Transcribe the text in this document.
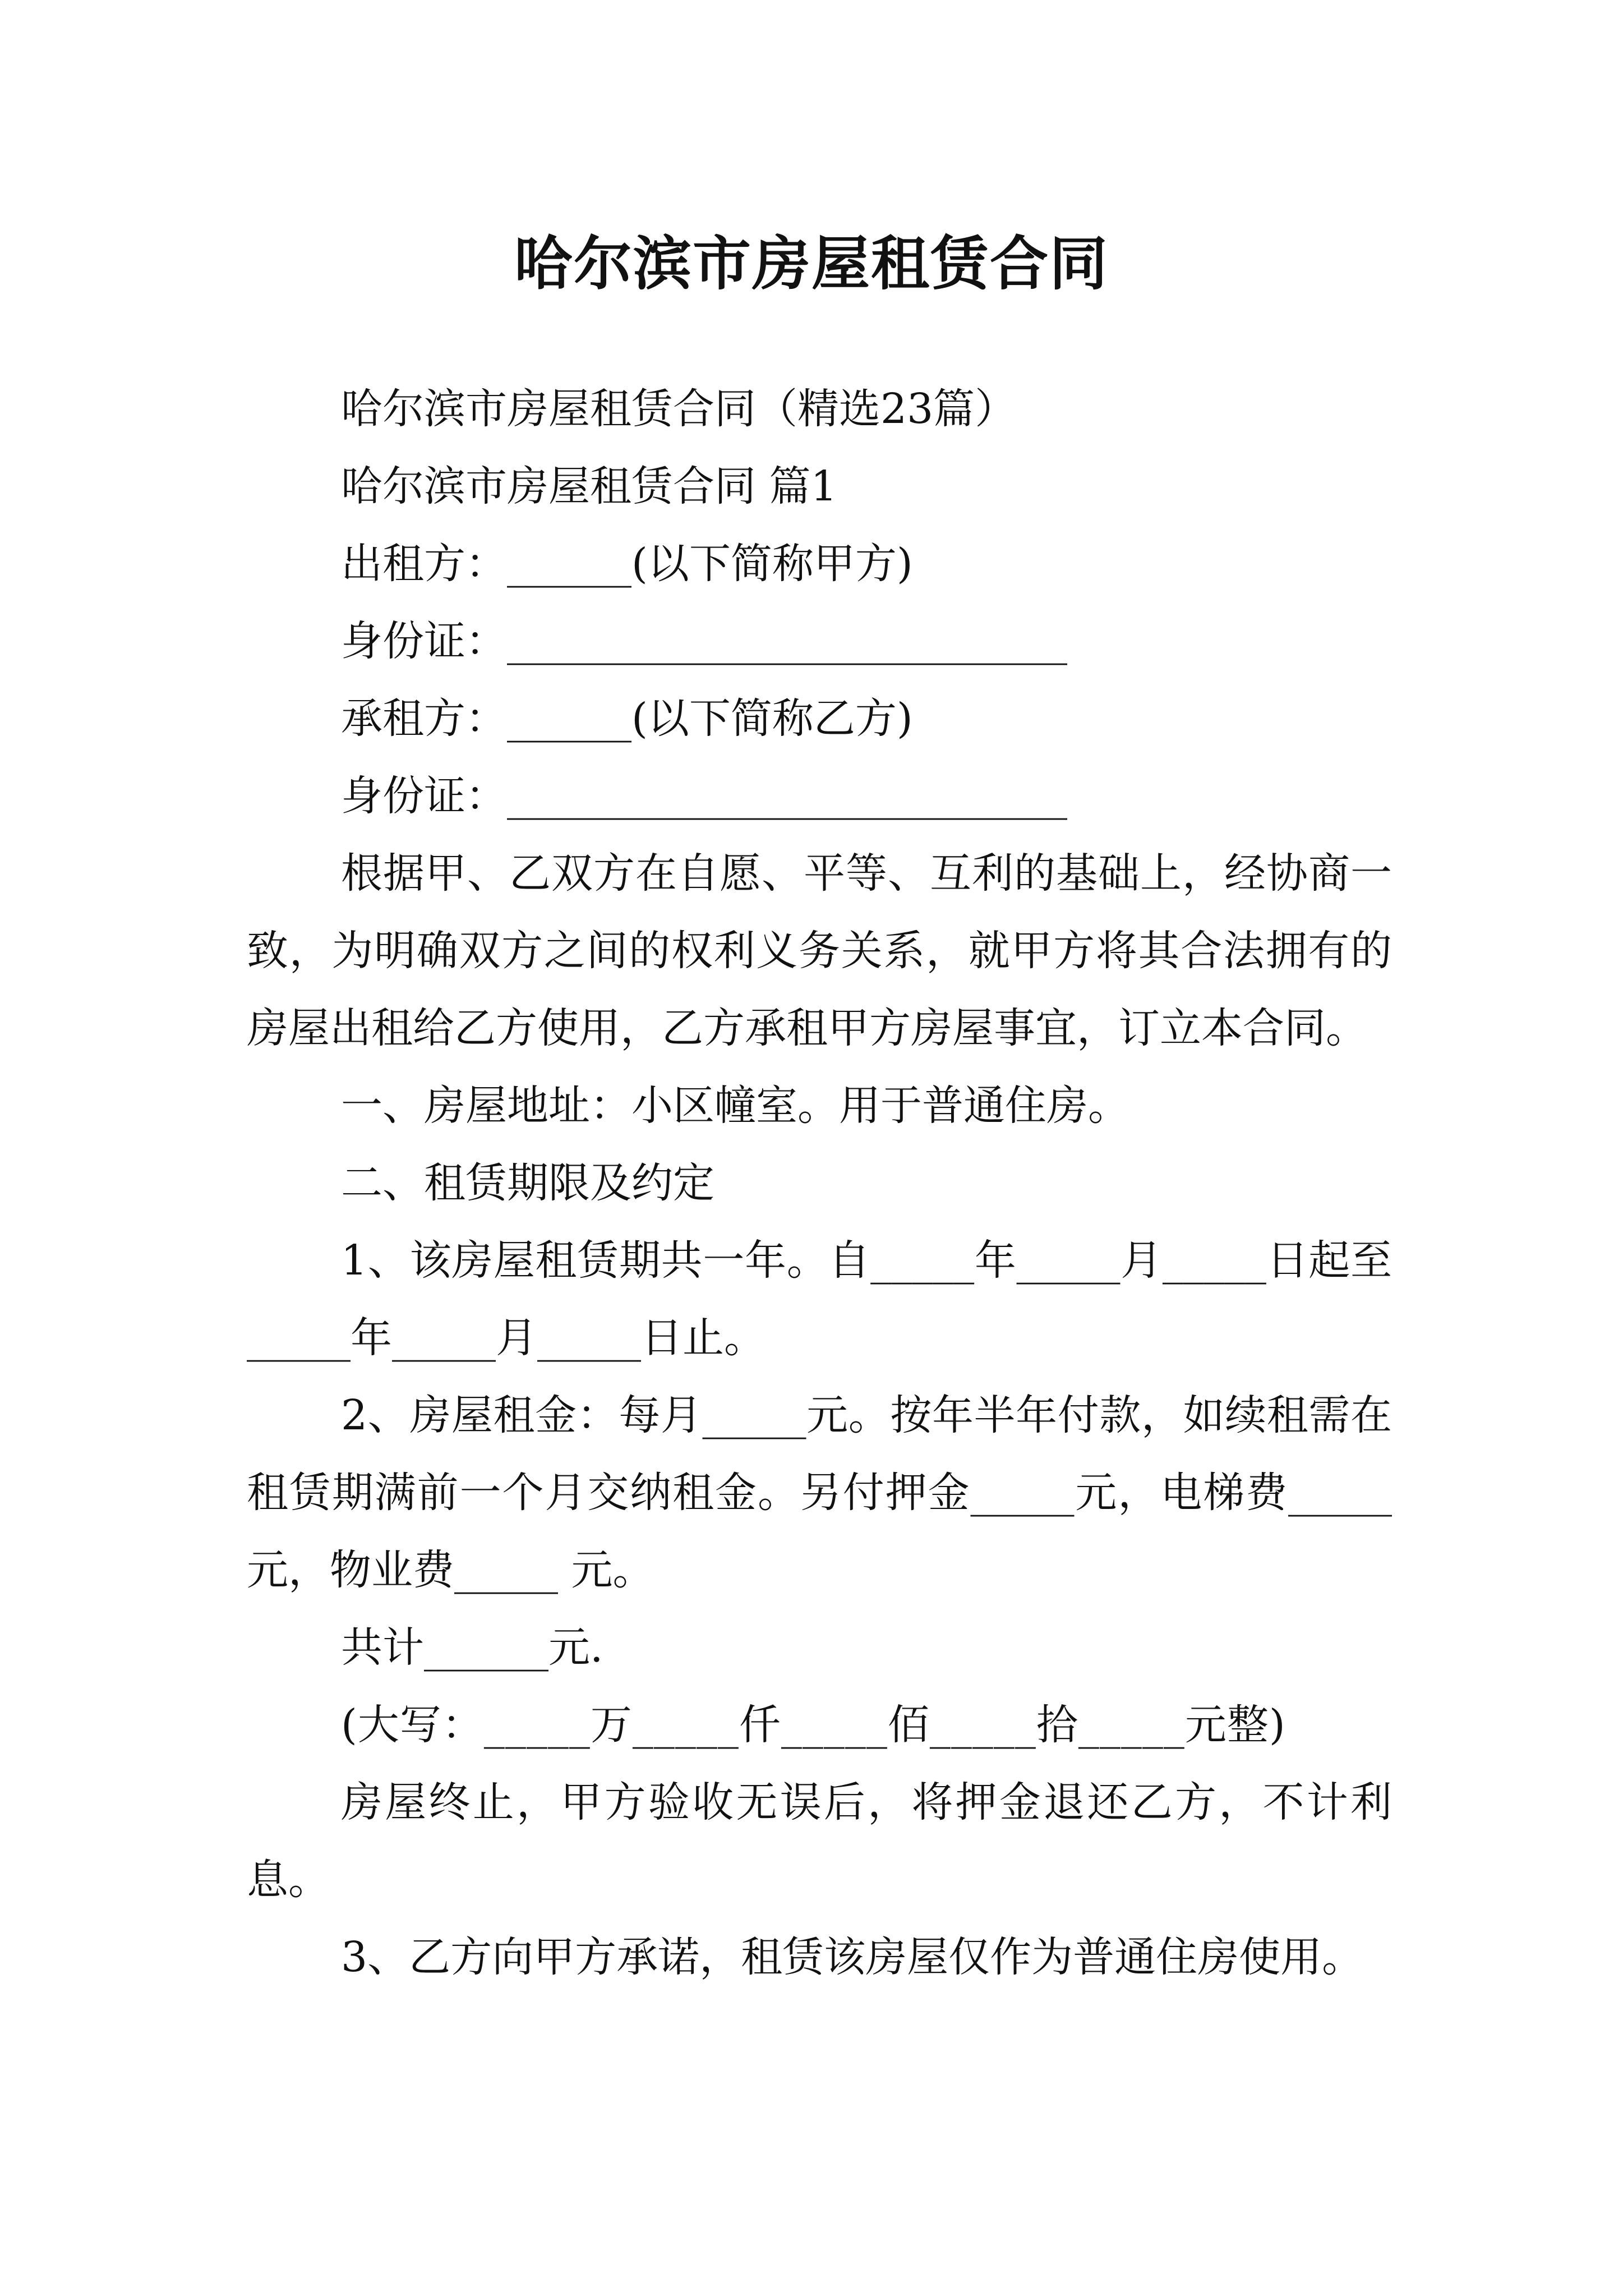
哈尔滨市房屋租赁合同

哈尔滨市房屋租赁合同（精选23篇）

哈尔滨市房屋租赁合同 篇1

出租方：______(以下简称甲方)

身份证：___________________________

承租方：______(以下简称乙方)

身份证：___________________________

根据甲、乙双方在自愿、平等、互利的基础上，经协商一致，为明确双方之间的权利义务关系，就甲方将其合法拥有的房屋出租给乙方使用，乙方承租甲方房屋事宜，订立本合同。

一、房屋地址：小区幢室。用于普通住房。

二、租赁期限及约定

1、该房屋租赁期共一年。自_____年_____月_____日起至_____年_____月_____日止。

2、房屋租金：每月_____元。按年半年付款，如续租需在租赁期满前一个月交纳租金。另付押金_____元，电梯费_____元，物业费_____ 元。

共计______元.

(大写：_____万_____仟_____佰_____拾_____元整)

房屋终止，甲方验收无误后，将押金退还乙方，不计利息。

3、乙方向甲方承诺，租赁该房屋仅作为普通住房使用。
